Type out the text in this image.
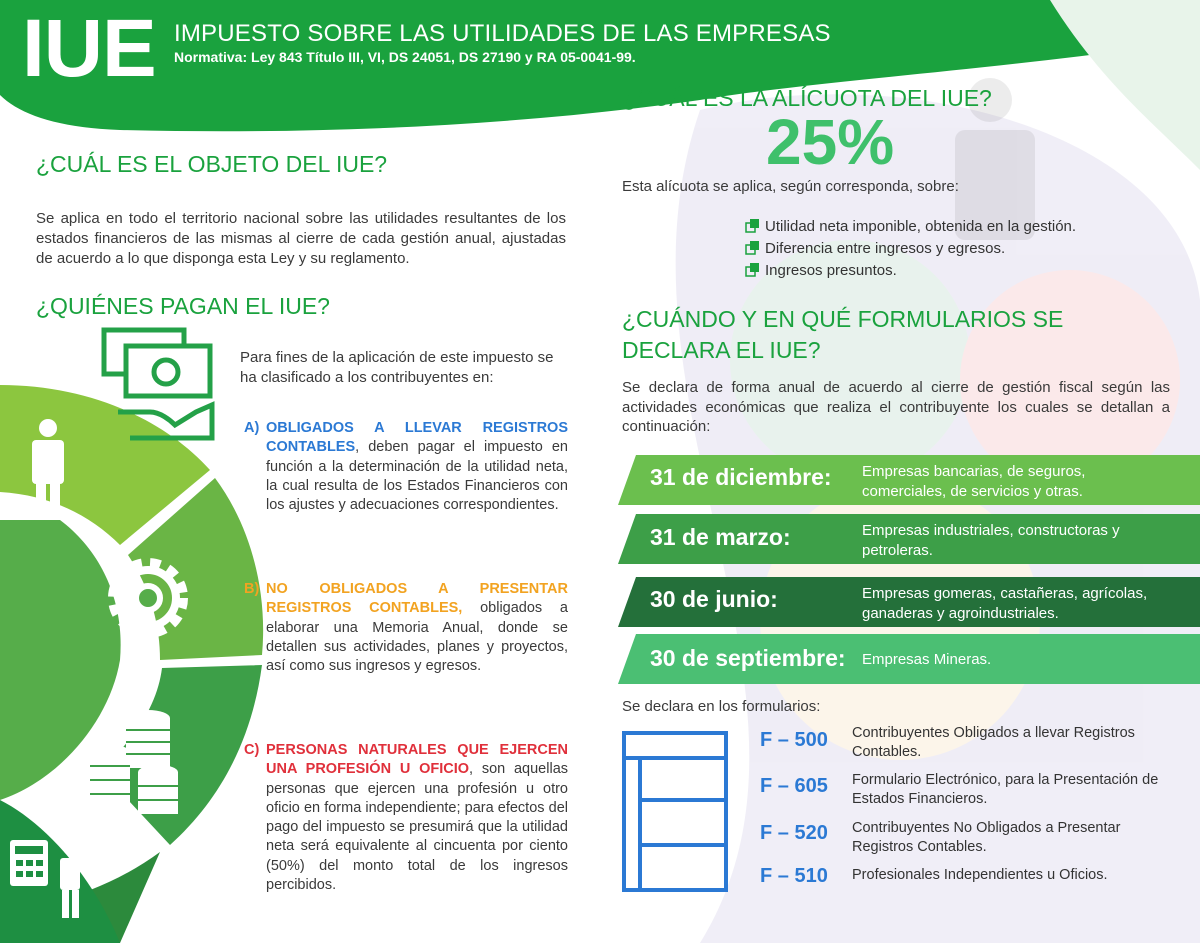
IUE IMPUESTO SOBRE LAS UTILIDADES DE LAS EMPRESAS
Normativa: Ley 843 Título III, VI, DS 24051, DS 27190 y RA 05-0041-99.
¿CUÁL ES EL OBJETO DEL IUE?
Se aplica en todo el territorio nacional sobre las utilidades resultantes de los estados financieros de las mismas al cierre de cada gestión anual, ajustadas de acuerdo a lo que disponga esta Ley y su reglamento.
¿QUIÉNES PAGAN EL IUE?
Para fines de la aplicación de este impuesto se ha clasificado a los contribuyentes en:
A) OBLIGADOS A LLEVAR REGISTROS CONTABLES, deben pagar el impuesto en función a la determinación de la utilidad neta, la cual resulta de los Estados Financieros con los ajustes y adecuaciones correspondientes.
B) NO OBLIGADOS A PRESENTAR REGISTROS CONTABLES, obligados a elaborar una Memoria Anual, donde se detallen sus actividades, planes y proyectos, así como sus ingresos y egresos.
C) PERSONAS NATURALES QUE EJERCEN UNA PROFESIÓN U OFICIO, son aquellas personas que ejercen una profesión u otro oficio en forma independiente; para efectos del pago del impuesto se presumirá que la utilidad neta será equivalente al cincuenta por ciento (50%) del monto total de los ingresos percibidos.
¿CUÁL ES LA ALÍCUOTA DEL IUE?
25%
Esta alícuota se aplica, según corresponda, sobre:
Utilidad neta imponible, obtenida en la gestión.
Diferencia entre ingresos y egresos.
Ingresos presuntos.
¿CUÁNDO Y EN QUÉ FORMULARIOS SE
DECLARA EL IUE?
Se declara de forma anual de acuerdo al cierre de gestión fiscal según las actividades económicas que realiza el contribuyente los cuales se detallan a continuación:
31 de diciembre: Empresas bancarias, de seguros, comerciales, de servicios y otras.
31 de marzo:	Empresas industriales, constructoras y petroleras.
30 de junio:	Empresas gomeras, castañeras, agrícolas, ganaderas y agroindustriales.
30 de septiembre: Empresas Mineras.
Se declara en los formularios:
F – 500 Contribuyentes Obligados a llevar Registros Contables.
F – 605 Formulario Electrónico, para la Presentación de Estados Financieros.
F – 520 Contribuyentes No Obligados a Presentar Registros Contables.
F – 510 Profesionales Independientes u Oficios.
